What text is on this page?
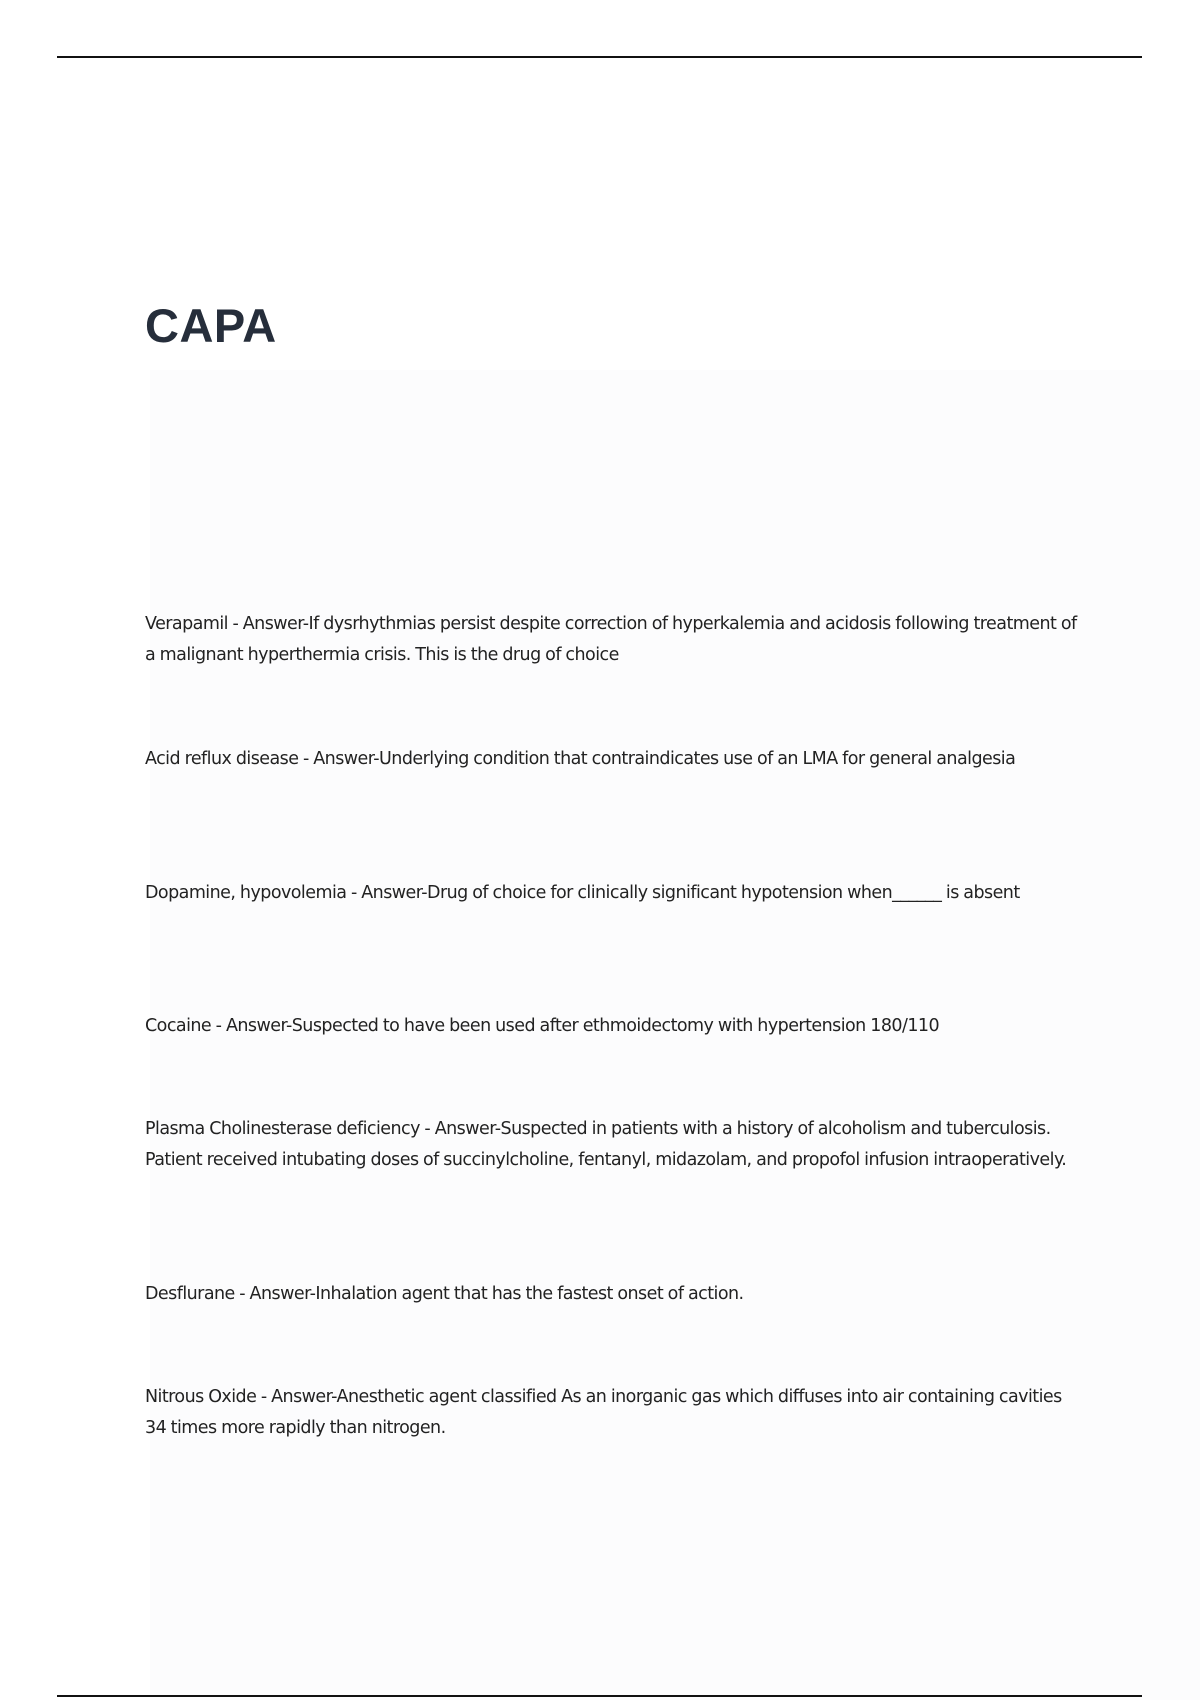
CAPA

Verapamil - Answer-If dysrhythmias persist despite correction of hyperkalemia and acidosis following treatment of a malignant hyperthermia crisis. This is the drug of choice

Acid reflux disease - Answer-Underlying condition that contraindicates use of an LMA for general analgesia

Dopamine, hypovolemia - Answer-Drug of choice for clinically significant hypotension when______ is absent

Cocaine - Answer-Suspected to have been used after ethmoidectomy with hypertension 180/110

Plasma Cholinesterase deficiency - Answer-Suspected in patients with a history of alcoholism and tuberculosis. Patient received intubating doses of succinylcholine, fentanyl, midazolam, and propofol infusion intraoperatively.

Desflurane - Answer-Inhalation agent that has the fastest onset of action.

Nitrous Oxide - Answer-Anesthetic agent classified As an inorganic gas which diffuses into air containing cavities 34 times more rapidly than nitrogen.
